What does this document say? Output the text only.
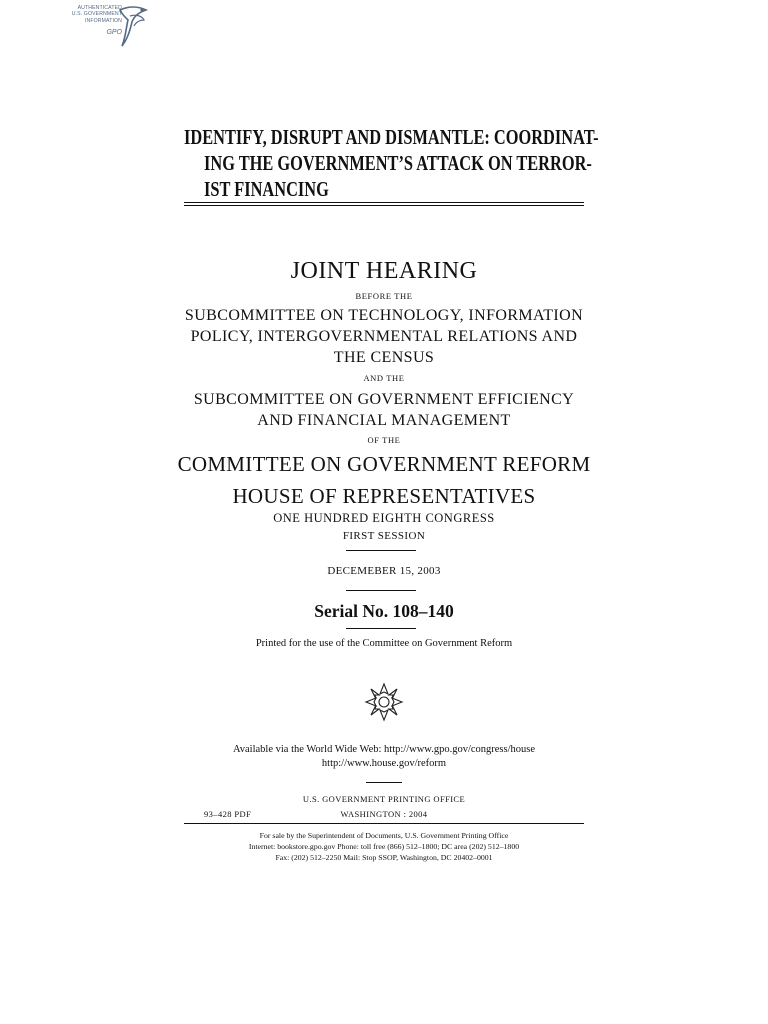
AUTHENTICATED
U.S. GOVERNMENT
INFORMATION
GPO
IDENTIFY, DISRUPT AND DISMANTLE: COORDINAT-
ING THE GOVERNMENT’S ATTACK ON TERROR-
IST FINANCING
JOINT HEARING
BEFORE THE
SUBCOMMITTEE ON TECHNOLOGY, INFORMATION
POLICY, INTERGOVERNMENTAL RELATIONS AND
THE CENSUS
AND THE
SUBCOMMITTEE ON GOVERNMENT EFFICIENCY
AND FINANCIAL MANAGEMENT
OF THE
COMMITTEE ON GOVERNMENT REFORM
HOUSE OF REPRESENTATIVES
ONE HUNDRED EIGHTH CONGRESS
FIRST SESSION
DECEMEBER 15, 2003
Serial No. 108–140
Printed for the use of the Committee on Government Reform
Available via the World Wide Web: http://www.gpo.gov/congress/house
http://www.house.gov/reform
U.S. GOVERNMENT PRINTING OFFICE
93–428 PDF	WASHINGTON : 2004
For sale by the Superintendent of Documents, U.S. Government Printing Office
Internet: bookstore.gpo.gov Phone: toll free (866) 512–1800; DC area (202) 512–1800
Fax: (202) 512–2250 Mail: Stop SSOP, Washington, DC 20402–0001
